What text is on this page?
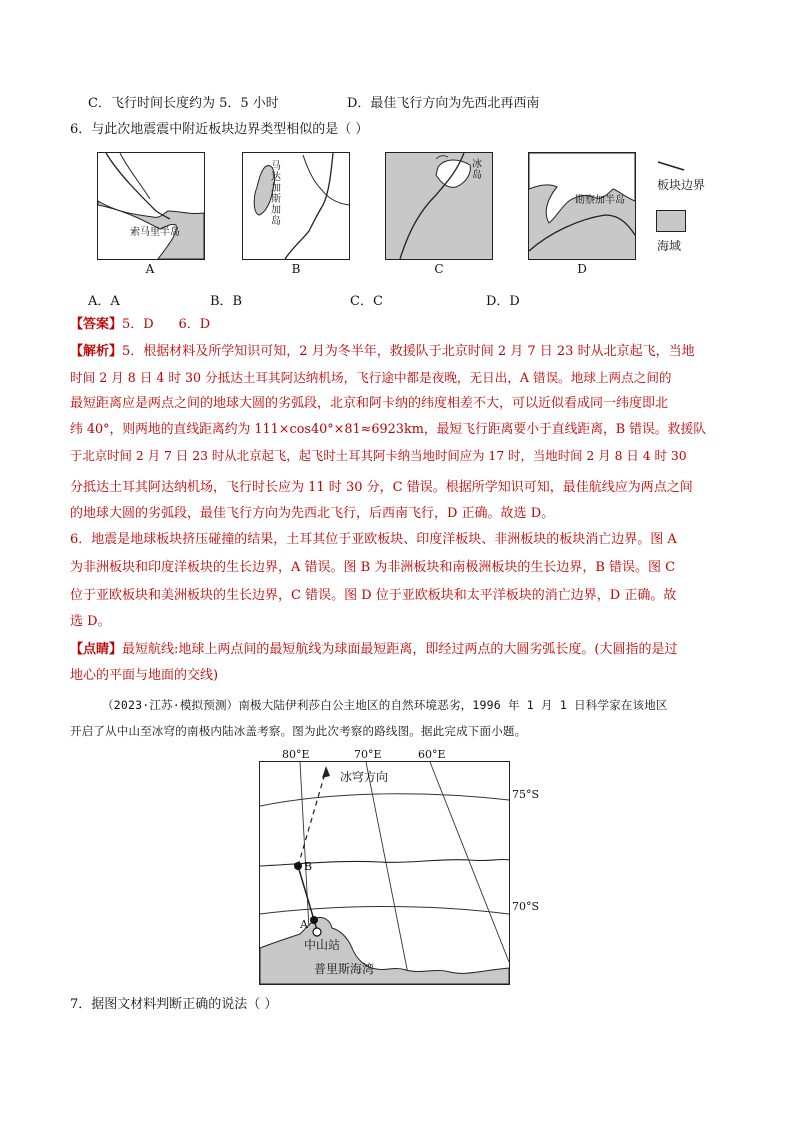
C．飞行时间长度约为 5．5 小时	D．最佳飞行方向为先西北再西南
6．与此次地震震中附近板块边界类型相似的是（ ）
索马里半岛
A
马达加斯加岛
B
冰岛
C
勘察加半岛
D
板块边界
海域
A．A	B．B	C．C	D．D
【答案】5．D      6．D
【解析】5．根据材料及所学知识可知，2 月为冬半年，救援队于北京时间 2 月 7 日 23 时从北京起飞，当地
时间 2 月 8 日 4 时 30 分抵达土耳其阿达纳机场，飞行途中都是夜晚，无日出，A 错误。地球上两点之间的
最短距离应是两点之间的地球大圆的劣弧段，北京和阿卡纳的纬度相差不大，可以近似看成同一纬度即北
纬 40°，则两地的直线距离约为 111×cos40°×81≈6923km，最短飞行距离要小于直线距离，B 错误。救援队
于北京时间 2 月 7 日 23 时从北京起飞，起飞时土耳其阿卡纳当地时间应为 17 时，当地时间 2 月 8 日 4 时 30
分抵达土耳其阿达纳机场，飞行时长应为 11 时 30 分，C 错误。根据所学知识可知，最佳航线应为两点之间
的地球大圆的劣弧段，最佳飞行方向为先西北飞行，后西南飞行，D 正确。故选 D。
6．地震是地球板块挤压碰撞的结果，土耳其位于亚欧板块、印度洋板块、非洲板块的板块消亡边界。图 A
为非洲板块和印度洋板块的生长边界，A 错误。图 B 为非洲板块和南极洲板块的生长边界，B 错误。图 C
位于亚欧板块和美洲板块的生长边界，C 错误。图 D 位于亚欧板块和太平洋板块的消亡边界，D 正确。故
选 D。
【点睛】最短航线:地球上两点间的最短航线为球面最短距离，即经过两点的大圆劣弧长度。(大圆指的是过
地心的平面与地面的交线)
（2023·江苏·模拟预测）南极大陆伊利莎白公主地区的自然环境恶劣，1996 年 1 月 1 日科学家在该地区
开启了从中山至冰穹的南极内陆冰盖考察。图为此次考察的路线图。据此完成下面小题。
80°E	70°E	60°E
75°S
70°S
冰穹方向
B
A
中山站
普里斯海湾
7．据图文材料判断正确的说法（ ）
